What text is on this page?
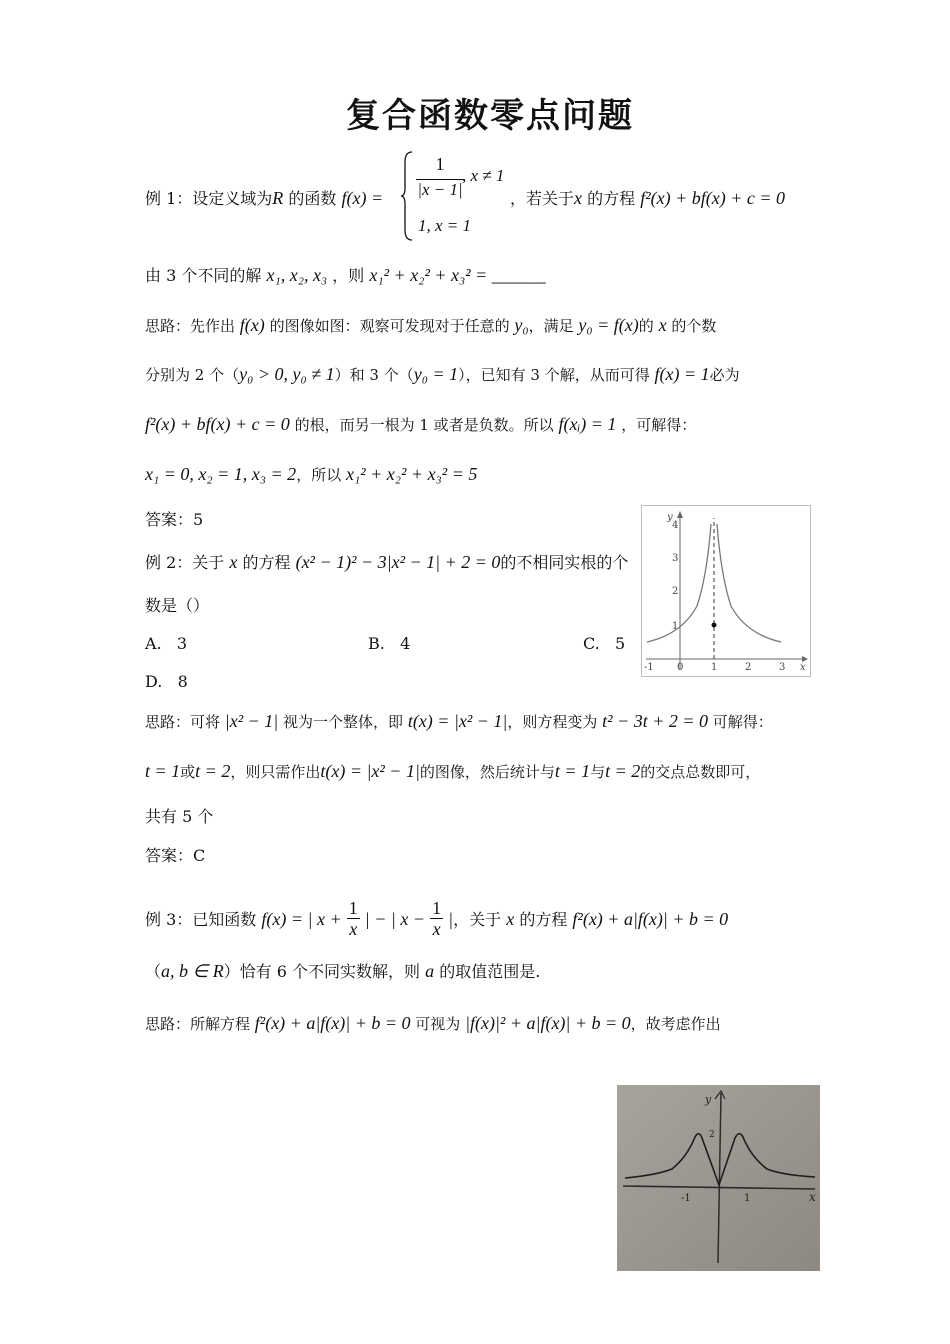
复合函数零点问题
例 1：设定义域为R 的函数 f(x) =
1
|x − 1|
, x ≠ 1
1, x = 1
，若关于x 的方程 f²(x) + bf(x) + c = 0
由 3 个不同的解 x₁, x₂, x₃ ，则 x₁² + x₂² + x₃² = ______
思路：先作出 f(x) 的图像如图：观察可发现对于任意的 y₀，满足 y₀ = f(x)的 x 的个数
分别为 2 个（y₀ > 0, y₀ ≠ 1）和 3 个（y₀ = 1），已知有 3 个解，从而可得 f(x) = 1必为
f²(x) + bf(x) + c = 0 的根，而另一根为 1 或者是负数。所以 f(xᵢ) = 1 ，可解得：
x₁ = 0, x₂ = 1, x₃ = 2，所以 x₁² + x₂² + x₃² = 5
答案：5	y
x
-1 0	1	2	3
1
2
3
4
例 2：关于 x 的方程 (x² − 1)² − 3|x² − 1| + 2 = 0的不相同实根的个
数是（）
A. 3	B. 4	C. 5
D. 8
思路：可将 |x² − 1| 视为一个整体，即 t(x) = |x² − 1|，则方程变为 t² − 3t + 2 = 0 可解得：
t = 1或t = 2，则只需作出t(x) = |x² − 1|的图像，然后统计与t = 1与t = 2的交点总数即可，
共有 5 个
答案：C
例 3：已知函数 f(x) = | $x + \frac{1}{x}$ | − | $x - \frac{1}{x}$ |，关于 x 的方程 f²(x) + a|f(x)| + b = 0
（a, b ∈ R）恰有 6 个不同实数解，则 a 的取值范围是.
思路：所解方程 f²(x) + a|f(x)| + b = 0 可视为 |f(x)|² + a|f(x)| + b = 0，故考虑作出
-1	1
2
x
y
